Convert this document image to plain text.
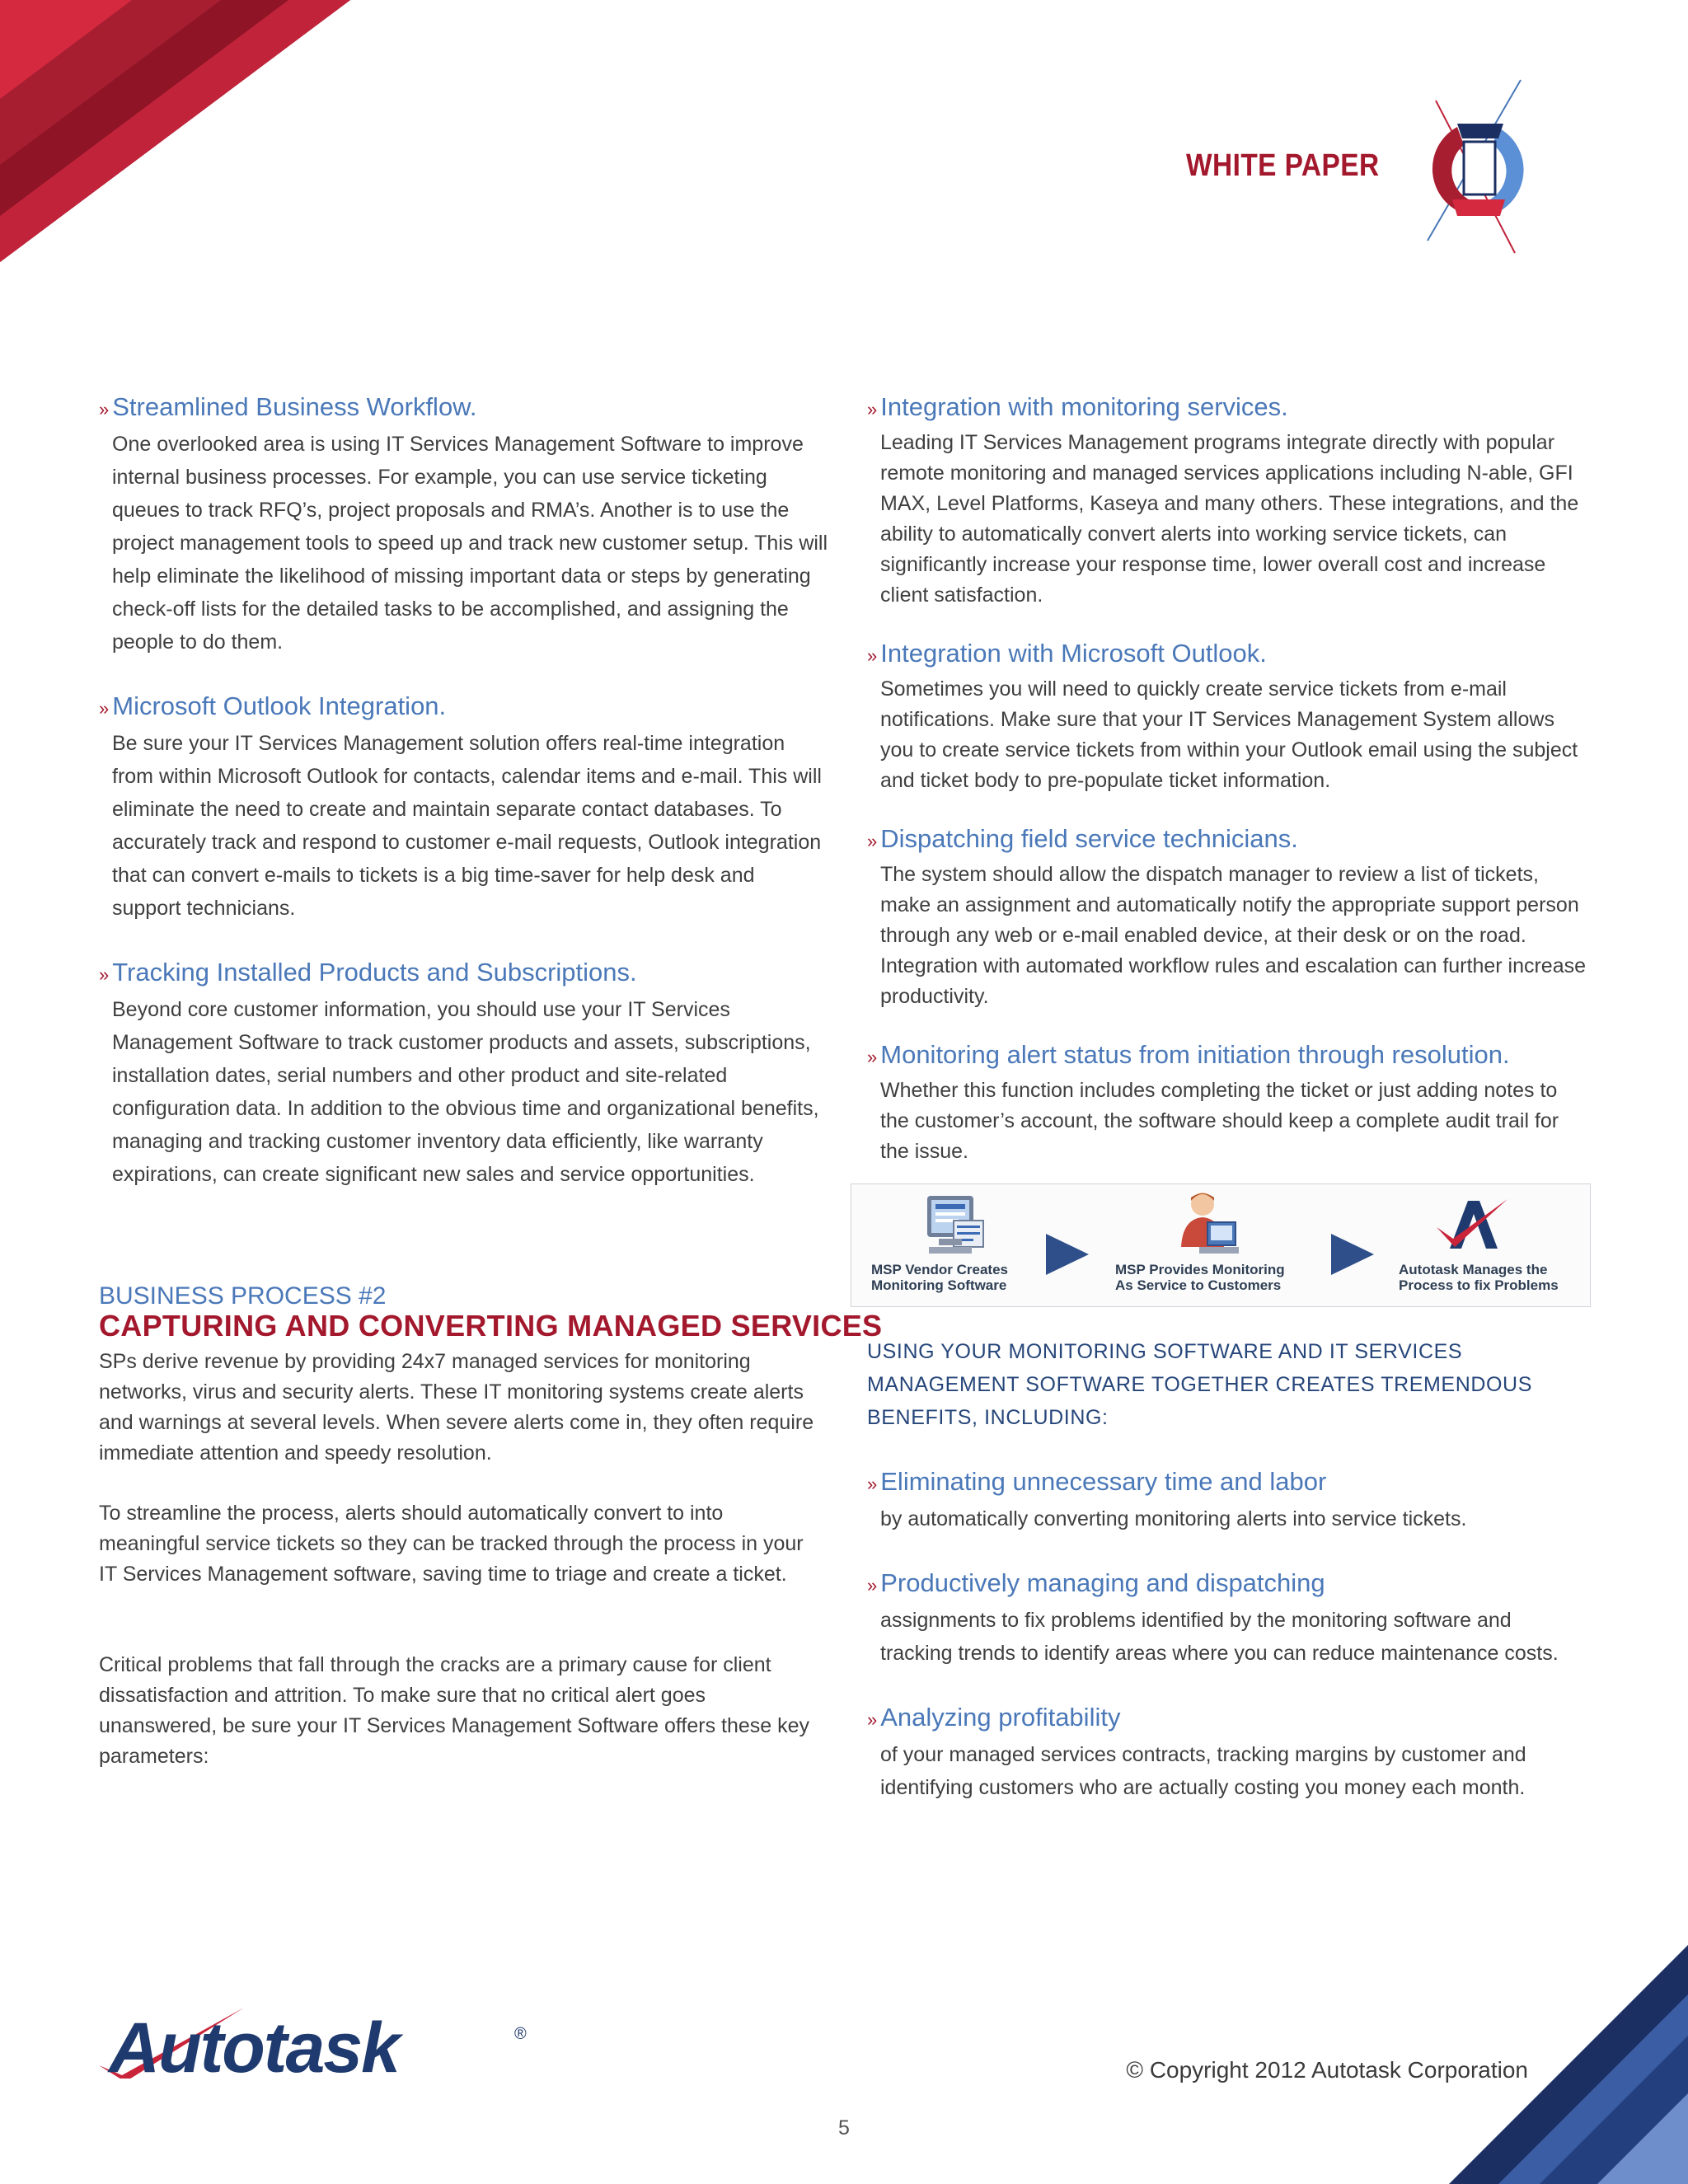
WHITE PAPER
» Streamlined Business Workflow.
One overlooked area is using IT Services Management Software to improve internal business processes. For example, you can use service ticketing queues to track RFQ’s, project proposals and RMA’s. Another is to use the project management tools to speed up and track new customer setup. This will help eliminate the likelihood of missing important data or steps by generating check-off lists for the detailed tasks to be accomplished, and assigning the people to do them.
» Microsoft Outlook Integration.
Be sure your IT Services Management solution offers real-time integration from within Microsoft Outlook for contacts, calendar items and e-mail. This will eliminate the need to create and maintain separate contact databases. To accurately track and respond to customer e-mail requests, Outlook integration that can convert e-mails to tickets is a big time-saver for help desk and support technicians.
» Tracking Installed Products and Subscriptions.
Beyond core customer information, you should use your IT Services Management Software to track customer products and assets, subscriptions, installation dates, serial numbers and other product and site-related configuration data. In addition to the obvious time and organizational benefits, managing and tracking customer inventory data efficiently, like warranty expirations, can create significant new sales and service opportunities.
BUSINESS PROCESS #2
CAPTURING AND CONVERTING MANAGED SERVICES

SPs derive revenue by providing 24x7 managed services for monitoring networks, virus and security alerts. These IT monitoring systems create alerts and warnings at several levels. When severe alerts come in, they often require immediate attention and speedy resolution.

To streamline the process, alerts should automatically convert to into meaningful service tickets so they can be tracked through the process in your IT Services Management software, saving time to triage and create a ticket.

Critical problems that fall through the cracks are a primary cause for client dissatisfaction and attrition. To make sure that no critical alert goes unanswered, be sure your IT Services Management Software offers these key parameters:

» Integration with monitoring services.
Leading IT Services Management programs integrate directly with popular remote monitoring and managed services applications including N-able, GFI MAX, Level Platforms, Kaseya and many others. These integrations, and the ability to automatically convert alerts into working service tickets, can significantly increase your response time, lower overall cost and increase client satisfaction.
» Integration with Microsoft Outlook.
Sometimes you will need to quickly create service tickets from e-mail notifications. Make sure that your IT Services Management System allows you to create service tickets from within your Outlook email using the subject and ticket body to pre-populate ticket information.
» Dispatching field service technicians.
The system should allow the dispatch manager to review a list of tickets, make an assignment and automatically notify the appropriate support person through any web or e-mail enabled device, at their desk or on the road. Integration with automated workflow rules and escalation can further increase productivity.
» Monitoring alert status from initiation through resolution.
Whether this function includes completing the ticket or just adding notes to the customer’s account, the software should keep a complete audit trail for the issue.
MSP Vendor Creates
Monitoring Software
MSP Provides Monitoring
As Service to Customers
Autotask Manages the
Process to fix Problems

USING YOUR MONITORING SOFTWARE AND IT SERVICES MANAGEMENT SOFTWARE TOGETHER CREATES TREMENDOUS BENEFITS, INCLUDING:

» Eliminating unnecessary time and labor
by automatically converting monitoring alerts into service tickets.
» Productively managing and dispatching
assignments to fix problems identified by the monitoring software and tracking trends to identify areas where you can reduce maintenance costs.
» Analyzing profitability
of your managed services contracts, tracking margins by customer and identifying customers who are actually costing you money each month.
Autotask	®
© Copyright 2012 Autotask Corporation
5
